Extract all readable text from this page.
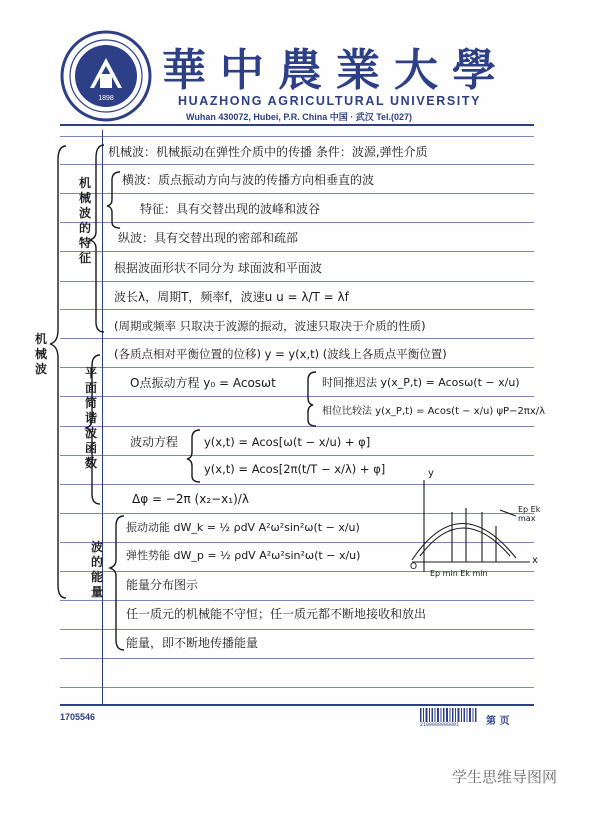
1898
華中農業大學
HUAZHONG AGRICULTURAL UNIVERSITY
Wuhan 430072, Hubei, P.R. China 中国 · 武汉 Tel.(027)
机
械
波
机
械
波
的
特
征
平
面
简
谐
波
函
数
波
的
能
量
机械波：机械振动在弹性介质中的传播 条件：波源,弹性介质
横波：质点振动方向与波的传播方向相垂直的波
特征：具有交替出现的波峰和波谷
纵波：具有交替出现的密部和疏部
根据波面形状不同分为 球面波和平面波
波长λ，周期T，频率f，波速u u = λ/T = λf
(周期或频率 只取决于波源的振动，波速只取决于介质的性质)
(各质点相对平衡位置的位移) y = y(x,t) (波线上各质点平衡位置)
O点振动方程 y₀ = Acosωt	时间推迟法 y(x_P,t) = Acosω(t − x/u)
相位比较法 y(x_P,t) = Acos(t − x/u) ψP−2πx/λ
波动方程 y(x,t) = Acos[ω(t − x/u) + φ]
y(x,t) = Acos[2π(t/T − x/λ) + φ]
Δφ = −2π (x₂−x₁)/λ
振动动能 dW_k = ½ ρdV A²ω²sin²ω(t − x/u)
弹性势能 dW_p = ½ ρdV A²ω²sin²ω(t − x/u)
能量分布图示
任一质元的机械能不守恒；任一质元都不断地接收和放出
能量，即不断地传播能量
y
x
O
Ep Ek
max
Ep min Ek min
1705546
2100000000001	第 页
学生思维导图网
